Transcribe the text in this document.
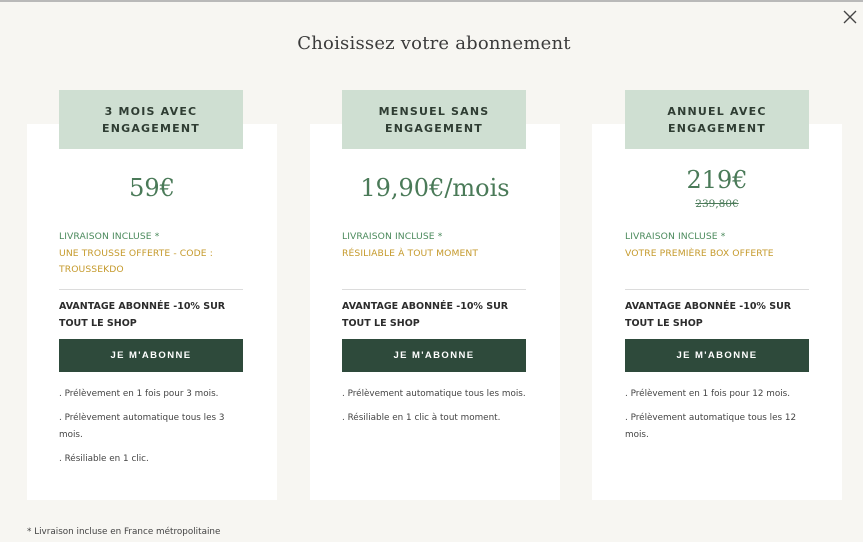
Choisissez votre abonnement
3 MOIS AVEC
ENGAGEMENT
59€
LIVRAISON INCLUSE *
UNE TROUSSE OFFERTE - CODE :
TROUSSEKDO
AVANTAGE ABONNÉE -10% SUR
TOUT LE SHOP
JE M'ABONNE

. Prélèvement en 1 fois pour 3 mois.

. Prélèvement automatique tous les 3 mois.

. Résiliable en 1 clic.

MENSUEL SANS
ENGAGEMENT
19,90€/mois
LIVRAISON INCLUSE *
RÉSILIABLE À TOUT MOMENT
AVANTAGE ABONNÉE -10% SUR
TOUT LE SHOP
JE M'ABONNE

. Prélèvement automatique tous les mois.

. Résiliable en 1 clic à tout moment.

ANNUEL AVEC
ENGAGEMENT
219€
239,80€
LIVRAISON INCLUSE *
VOTRE PREMIÈRE BOX OFFERTE
AVANTAGE ABONNÉE -10% SUR
TOUT LE SHOP
JE M'ABONNE

. Prélèvement en 1 fois pour 12 mois.

. Prélèvement automatique tous les 12 mois.

* Livraison incluse en France métropolitaine
